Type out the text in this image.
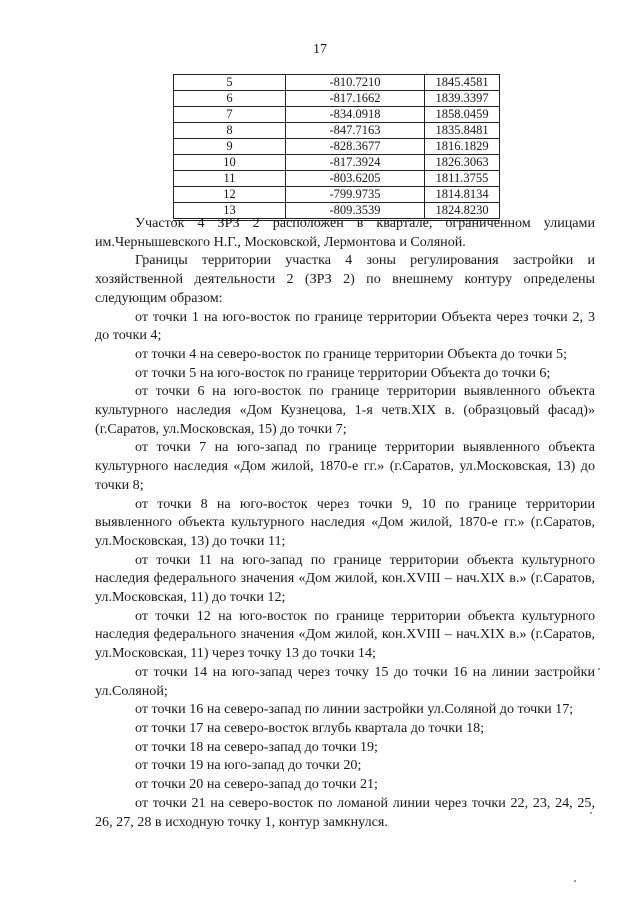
17
5	-810.7210	1845.4581
6	-817.1662	1839.3397
7	-834.0918	1858.0459
8	-847.7163	1835.8481
9	-828.3677	1816.1829
10	-817.3924	1826.3063
11	-803.6205	1811.3755
12	-799.9735	1814.8134
13	-809.3539	1824.8230

Участок 4 ЗРЗ 2 расположен в квартале, ограниченном улицами им.Чернышевского Н.Г., Московской, Лермонтова и Соляной.

Границы территории участка 4 зоны регулирования застройки и хозяйственной деятельности 2 (ЗРЗ 2) по внешнему контуру определены следующим образом:

от точки 1 на юго-восток по границе территории Объекта через точки 2, 3 до точки 4;

от точки 4 на северо-восток по границе территории Объекта до точки 5;

от точки 5 на юго-восток по границе территории Объекта до точки 6;

от точки 6 на юго-восток по границе территории выявленного объекта культурного наследия «Дом Кузнецова, 1-я четв.XIX в. (образцовый фасад)» (г.Саратов, ул.Московская, 15) до точки 7;

от точки 7 на юго-запад по границе территории выявленного объекта культурного наследия «Дом жилой, 1870-е гг.» (г.Саратов, ул.Московская, 13) до точки 8;

от точки 8 на юго-восток через точки 9, 10 по границе территории выявленного объекта культурного наследия «Дом жилой, 1870-е гг.» (г.Саратов, ул.Московская, 13) до точки 11;

от точки 11 на юго-запад по границе территории объекта культурного наследия федерального значения «Дом жилой, кон.XVIII – нач.XIX в.» (г.Саратов, ул.Московская, 11) до точки 12;

от точки 12 на юго-восток по границе территории объекта культурного наследия федерального значения «Дом жилой, кон.XVIII – нач.XIX в.» (г.Саратов, ул.Московская, 11) через точку 13 до точки 14;

от точки 14 на юго-запад через точку 15 до точки 16 на линии застройки ул.Соляной;

от точки 16 на северо-запад по линии застройки ул.Соляной до точки 17;

от точки 17 на северо-восток вглубь квартала до точки 18;

от точки 18 на северо-запад до точки 19;

от точки 19 на юго-запад до точки 20;

от точки 20 на северо-запад до точки 21;

от точки 21 на северо-восток по ломаной линии через точки 22, 23, 24, 25, 26, 27, 28 в исходную точку 1, контур замкнулся.
